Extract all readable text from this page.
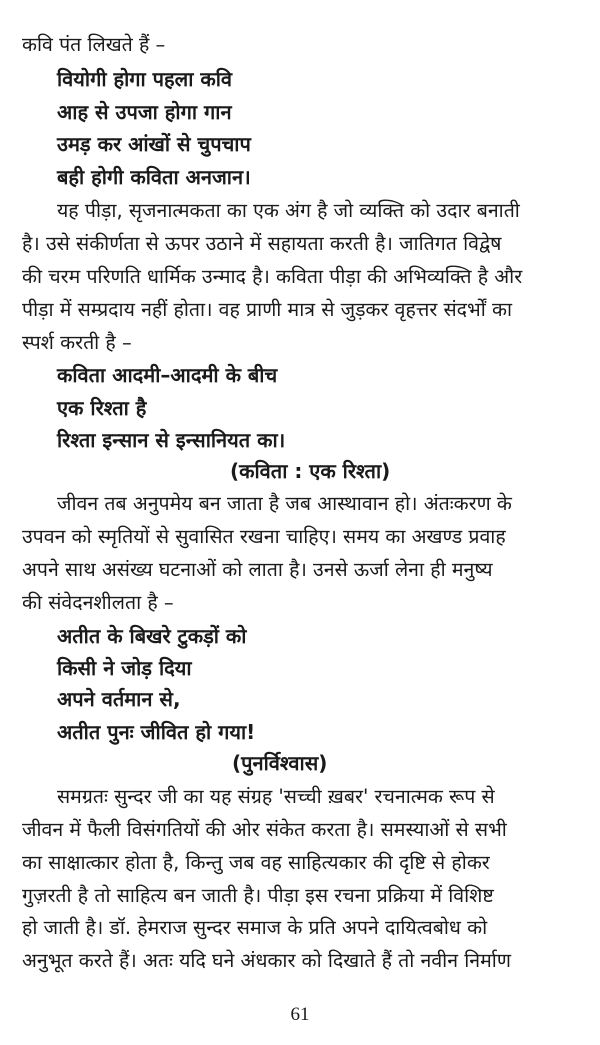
कवि पंत लिखते हैं –
वियोगी होगा पहला कवि
आह से उपजा होगा गान
उमड़ कर आंखों से चुपचाप
बही होगी कविता अनजान।
यह पीड़ा, सृजनात्मकता का एक अंग है जो व्यक्ति को उदार बनाती
है। उसे संकीर्णता से ऊपर उठाने में सहायता करती है। जातिगत विद्वेष
की चरम परिणति धार्मिक उन्माद है। कविता पीड़ा की अभिव्यक्ति है और
पीड़ा में सम्प्रदाय नहीं होता। वह प्राणी मात्र से जुड़कर वृहत्तर संदर्भों का
स्पर्श करती है –
कविता आदमी–आदमी के बीच
एक रिश्ता है
रिश्ता इन्सान से इन्सानियत का।
(कविता : एक रिश्ता)
जीवन तब अनुपमेय बन जाता है जब आस्थावान हो। अंतःकरण के
उपवन को स्मृतियों से सुवासित रखना चाहिए। समय का अखण्ड प्रवाह
अपने साथ असंख्य घटनाओं को लाता है। उनसे ऊर्जा लेना ही मनुष्य
की संवेदनशीलता है –
अतीत के बिखरे टुकड़ों को
किसी ने जोड़ दिया
अपने वर्तमान से,
अतीत पुनः जीवित हो गया!
(पुनर्विश्वास)
समग्रतः सुन्दर जी का यह संग्रह 'सच्ची ख़बर' रचनात्मक रूप से
जीवन में फैली विसंगतियों की ओर संकेत करता है। समस्याओं से सभी
का साक्षात्कार होता है, किन्तु जब वह साहित्यकार की दृष्टि से होकर
गुज़रती है तो साहित्य बन जाती है। पीड़ा इस रचना प्रक्रिया में विशिष्ट
हो जाती है। डॉ. हेमराज सुन्दर समाज के प्रति अपने दायित्वबोध को
अनुभूत करते हैं। अतः यदि घने अंधकार को दिखाते हैं तो नवीन निर्माण
61
